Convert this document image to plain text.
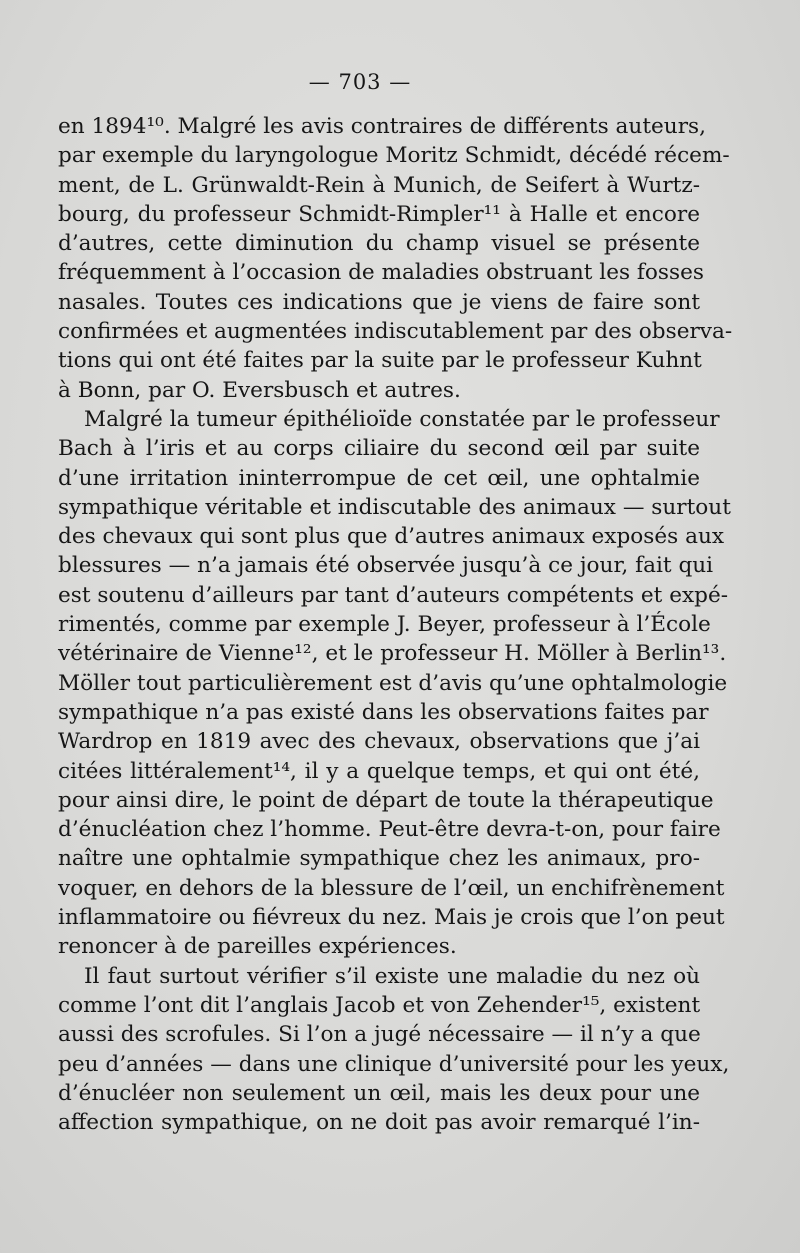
— 703 —
en 1894¹⁰. Malgré les avis contraires de différents auteurs,
par exemple du laryngologue Moritz Schmidt, décédé récem-
ment, de L. Grünwaldt-Rein à Munich, de Seifert à Wurtz-
bourg, du professeur Schmidt-Rimpler¹¹ à Halle et encore
d’autres, cette diminution du champ visuel se présente
fréquemment à l’occasion de maladies obstruant les fosses
nasales. Toutes ces indications que je viens de faire sont
confirmées et augmentées indiscutablement par des observa-
tions qui ont été faites par la suite par le professeur Kuhnt
à Bonn, par O. Eversbusch et autres.
Malgré la tumeur épithélioïde constatée par le professeur
Bach à l’iris et au corps ciliaire du second œil par suite
d’une irritation ininterrompue de cet œil, une ophtalmie
sympathique véritable et indiscutable des animaux — surtout
des chevaux qui sont plus que d’autres animaux exposés aux
blessures — n’a jamais été observée jusqu’à ce jour, fait qui
est soutenu d’ailleurs par tant d’auteurs compétents et expé-
rimentés, comme par exemple J. Beyer, professeur à l’École
vétérinaire de Vienne¹², et le professeur H. Möller à Berlin¹³.
Möller tout particulièrement est d’avis qu’une ophtalmologie
sympathique n’a pas existé dans les observations faites par
Wardrop en 1819 avec des chevaux, observations que j’ai
citées littéralement¹⁴, il y a quelque temps, et qui ont été,
pour ainsi dire, le point de départ de toute la thérapeutique
d’énucléation chez l’homme. Peut-être devra-t-on, pour faire
naître une ophtalmie sympathique chez les animaux, pro-
voquer, en dehors de la blessure de l’œil, un enchifrènement
inflammatoire ou fiévreux du nez. Mais je crois que l’on peut
renoncer à de pareilles expériences.
Il faut surtout vérifier s’il existe une maladie du nez où
comme l’ont dit l’anglais Jacob et von Zehender¹⁵, existent
aussi des scrofules. Si l’on a jugé nécessaire — il n’y a que
peu d’années — dans une clinique d’université pour les yeux,
d’énucléer non seulement un œil, mais les deux pour une
affection sympathique, on ne doit pas avoir remarqué l’in-
